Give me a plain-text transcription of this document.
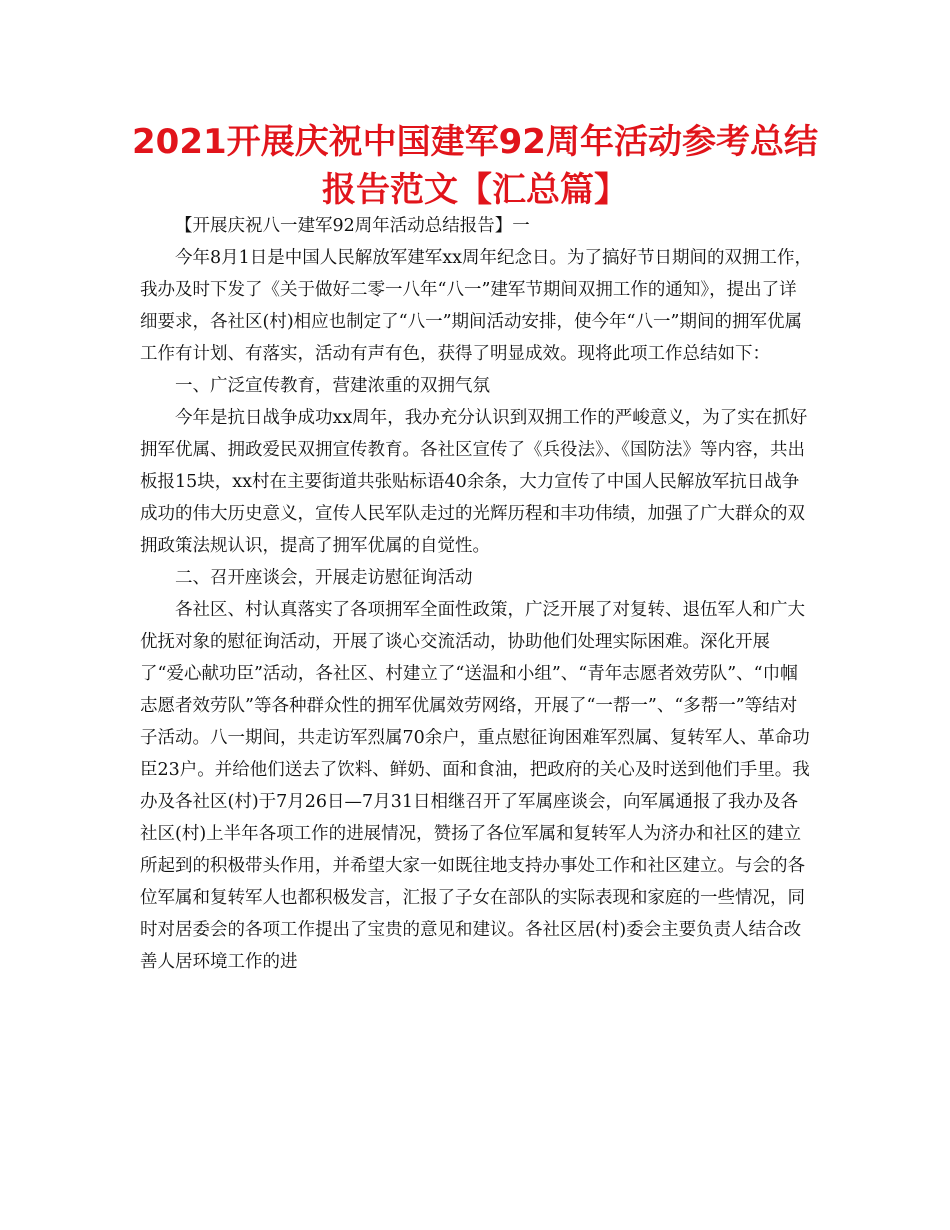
2021开展庆祝中国建军92周年活动参考总结报告范文【汇总篇】

【开展庆祝八一建军92周年活动总结报告】一

今年8月1日是中国人民解放军建军xx周年纪念日。为了搞好节日期间的双拥工作，我办及时下发了《关于做好二零一八年“八一”建军节期间双拥工作的通知》，提出了详细要求，各社区(村)相应也制定了“八一”期间活动安排，使今年“八一”期间的拥军优属工作有计划、有落实，活动有声有色，获得了明显成效。现将此项工作总结如下：

一、广泛宣传教育，营建浓重的双拥气氛

今年是抗日战争成功xx周年，我办充分认识到双拥工作的严峻意义，为了实在抓好拥军优属、拥政爱民双拥宣传教育。各社区宣传了《兵役法》、《国防法》等内容，共出板报15块，xx村在主要街道共张贴标语40余条，大力宣传了中国人民解放军抗日战争成功的伟大历史意义，宣传人民军队走过的光辉历程和丰功伟绩，加强了广大群众的双拥政策法规认识，提高了拥军优属的自觉性。

二、召开座谈会，开展走访慰征询活动

各社区、村认真落实了各项拥军全面性政策，广泛开展了对复转、退伍军人和广大优抚对象的慰征询活动，开展了谈心交流活动，协助他们处理实际困难。深化开展了“爱心献功臣”活动，各社区、村建立了“送温和小组”、“青年志愿者效劳队”、“巾帼志愿者效劳队”等各种群众性的拥军优属效劳网络，开展了“一帮一”、“多帮一”等结对子活动。八一期间，共走访军烈属70余户，重点慰征询困难军烈属、复转军人、革命功臣23户。并给他们送去了饮料、鲜奶、面和食油，把政府的关心及时送到他们手里。我办及各社区(村)于7月26日—7月31日相继召开了军属座谈会，向军属通报了我办及各社区(村)上半年各项工作的进展情况，赞扬了各位军属和复转军人为济办和社区的建立所起到的积极带头作用，并希望大家一如既往地支持办事处工作和社区建立。与会的各位军属和复转军人也都积极发言，汇报了子女在部队的实际表现和家庭的一些情况，同时对居委会的各项工作提出了宝贵的意见和建议。各社区居(村)委会主要负责人结合改善人居环境工作的进
